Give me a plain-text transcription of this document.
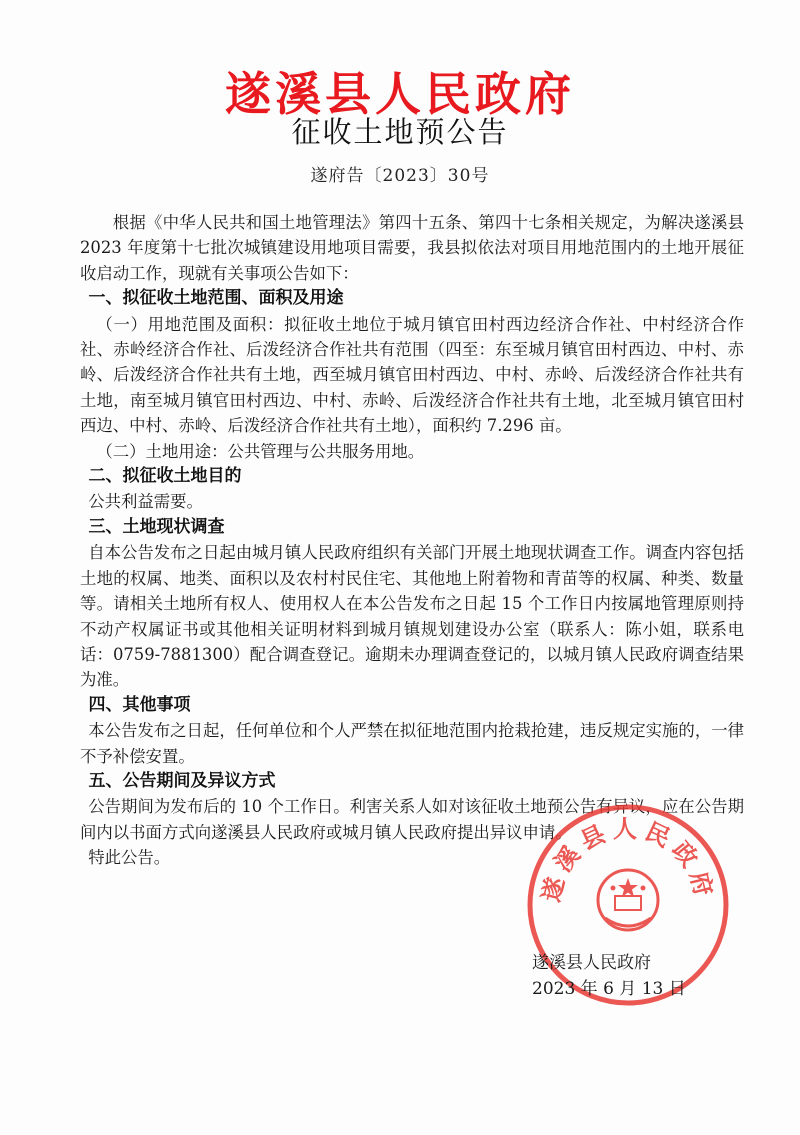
遂溪县人民政府
征收土地预公告
遂府告〔2023〕30号

根据《中华人民共和国土地管理法》第四十五条、第四十七条相关规定，为解决遂溪县 2023 年度第十七批次城镇建设用地项目需要，我县拟依法对项目用地范围内的土地开展征收启动工作，现就有关事项公告如下：

一、拟征收土地范围、面积及用途

（一）用地范围及面积：拟征收土地位于城月镇官田村西边经济合作社、中村经济合作社、赤岭经济合作社、后泼经济合作社共有范围（四至：东至城月镇官田村西边、中村、赤岭、后泼经济合作社共有土地，西至城月镇官田村西边、中村、赤岭、后泼经济合作社共有土地，南至城月镇官田村西边、中村、赤岭、后泼经济合作社共有土地，北至城月镇官田村西边、中村、赤岭、后泼经济合作社共有土地），面积约 7.296 亩。

（二）土地用途：公共管理与公共服务用地。

二、拟征收土地目的

公共利益需要。

三、土地现状调查

自本公告发布之日起由城月镇人民政府组织有关部门开展土地现状调查工作。调查内容包括土地的权属、地类、面积以及农村村民住宅、其他地上附着物和青苗等的权属、种类、数量等。请相关土地所有权人、使用权人在本公告发布之日起 15 个工作日内按属地管理原则持不动产权属证书或其他相关证明材料到城月镇规划建设办公室（联系人：陈小姐，联系电话：0759-7881300）配合调查登记。逾期未办理调查登记的，以城月镇人民政府调查结果为准。

四、其他事项

本公告发布之日起，任何单位和个人严禁在拟征地范围内抢栽抢建，违反规定实施的，一律不予补偿安置。

五、公告期间及异议方式

公告期间为发布后的 10 个工作日。利害关系人如对该征收土地预公告有异议，应在公告期间内以书面方式向遂溪县人民政府或城月镇人民政府提出异议申请。

特此公告。

遂溪县人民政府
遂溪县人民政府
2023 年 6 月 13 日
